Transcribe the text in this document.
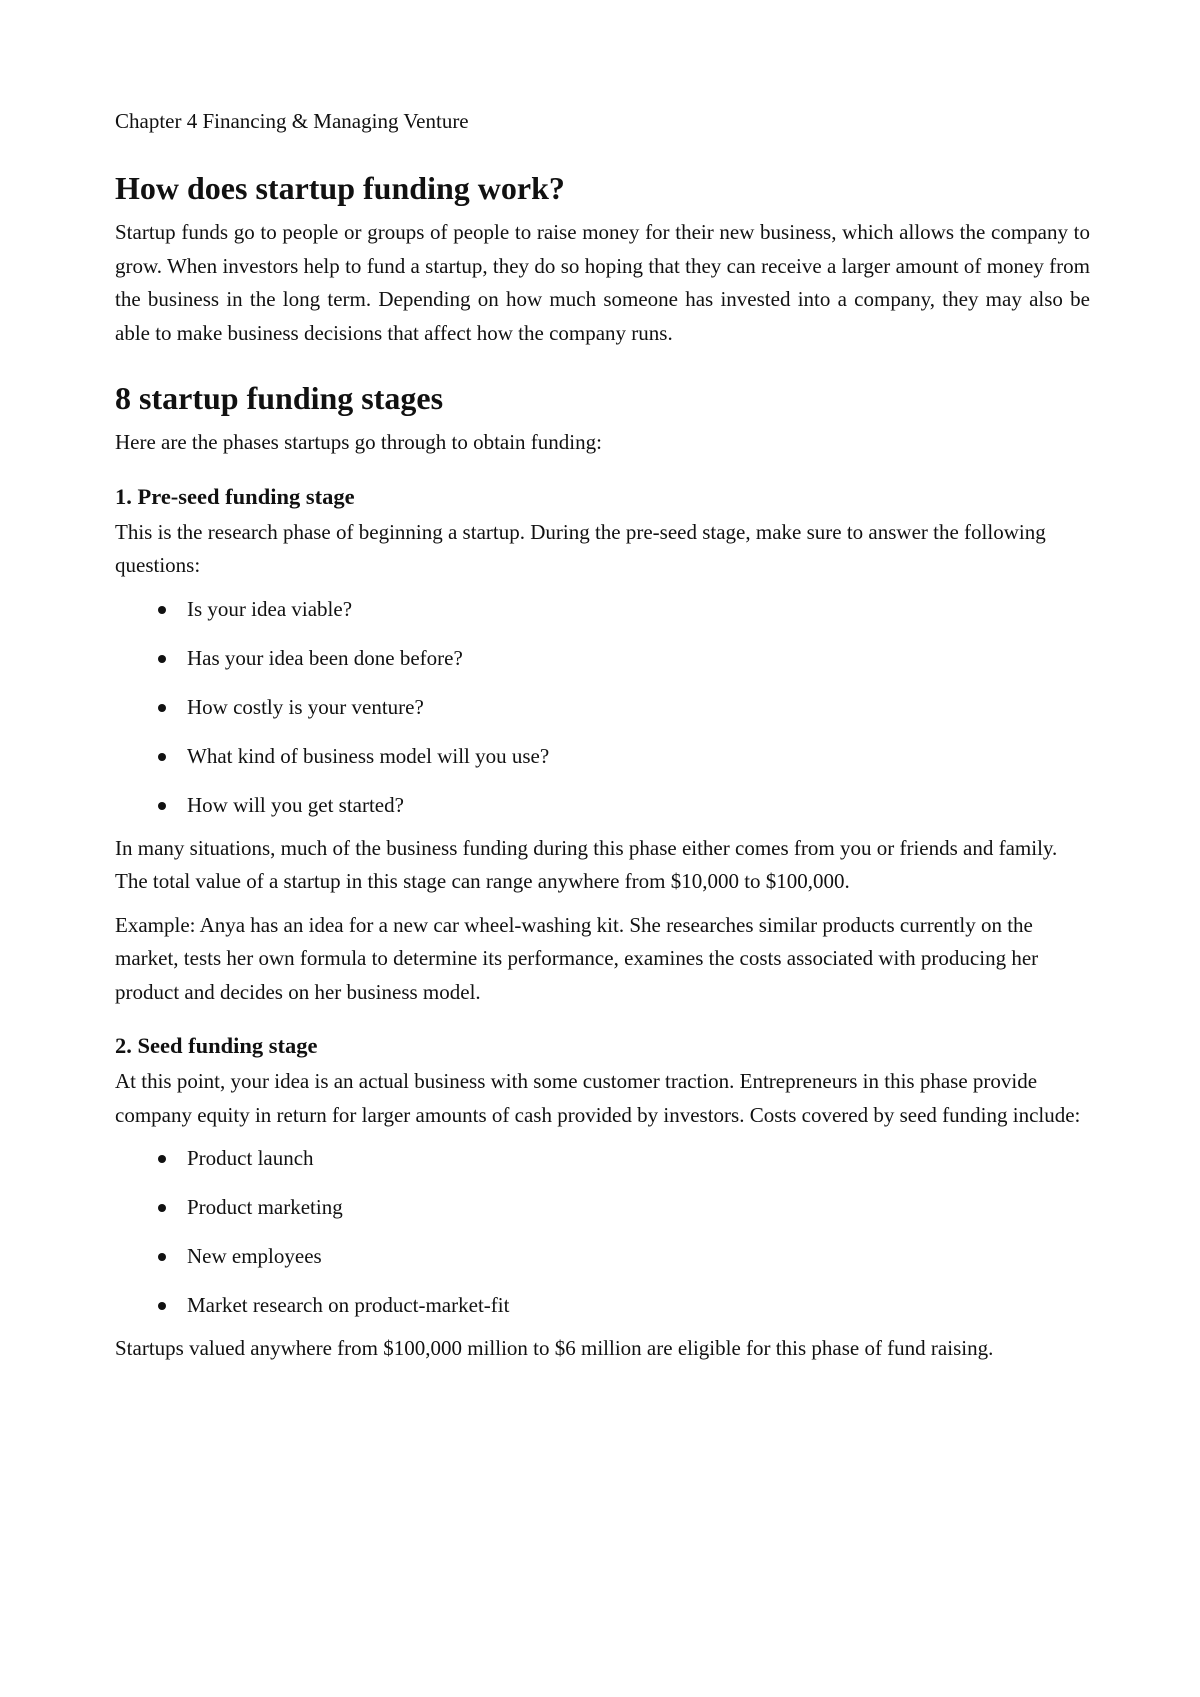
Chapter 4 Financing & Managing Venture
How does startup funding work?

Startup funds go to people or groups of people to raise money for their new business, which allows the company to grow. When investors help to fund a startup, they do so hoping that they can receive a larger amount of money from the business in the long term. Depending on how much someone has invested into a company, they may also be able to make business decisions that affect how the company runs.

8 startup funding stages

Here are the phases startups go through to obtain funding:

1. Pre-seed funding stage

This is the research phase of beginning a startup. During the pre-seed stage, make sure to answer the following questions:

Is your idea viable?
Has your idea been done before?
How costly is your venture?
What kind of business model will you use?
How will you get started?

In many situations, much of the business funding during this phase either comes from you or friends and family. The total value of a startup in this stage can range anywhere from $10,000 to $100,000.

Example: Anya has an idea for a new car wheel-washing kit. She researches similar products currently on the market, tests her own formula to determine its performance, examines the costs associated with producing her product and decides on her business model.

2. Seed funding stage

At this point, your idea is an actual business with some customer traction. Entrepreneurs in this phase provide company equity in return for larger amounts of cash provided by investors. Costs covered by seed funding include:

Product launch
Product marketing
New employees
Market research on product-market-fit

Startups valued anywhere from $100,000 million to $6 million are eligible for this phase of fund raising.
